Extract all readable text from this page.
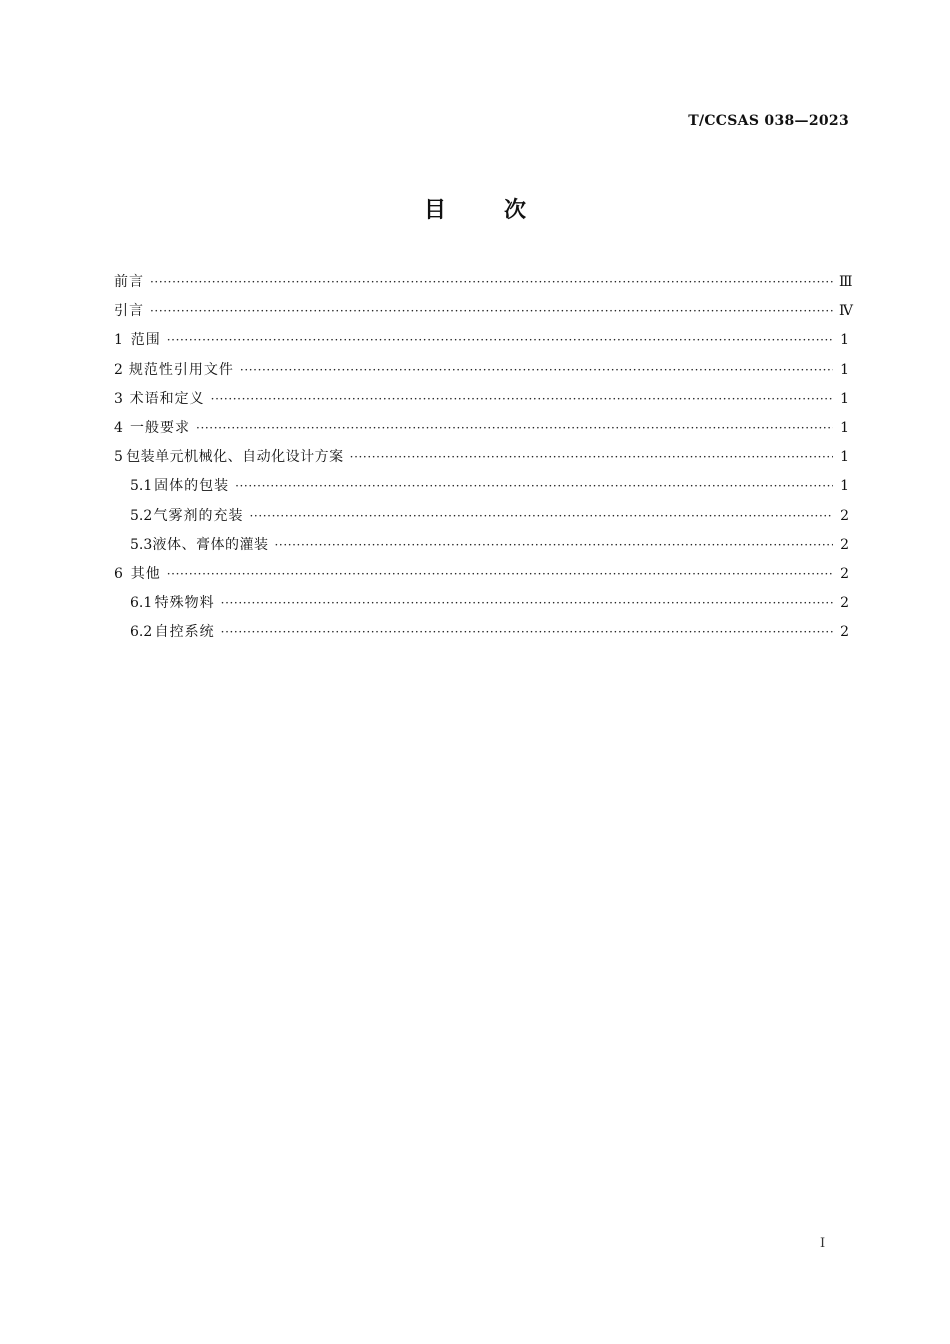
T/CCSAS 038—2023
目	次
前言 ·····	Ⅲ
引言 ·····	Ⅳ
1 范围 ·····	1
2 规范性引用文件 ·····	1
3 术语和定义 ·····	1
4 一般要求 ·····	1
5 包装单元机械化、自动化设计方案 ·····	1
5.1 固体的包装 ·····	1
5.2 气雾剂的充装 ·····	2
5.3 液体、膏体的灌装 ·····	2
6 其他 ·····	2
6.1 特殊物料 ·····	2
6.2 自控系统 ·····	2
I
